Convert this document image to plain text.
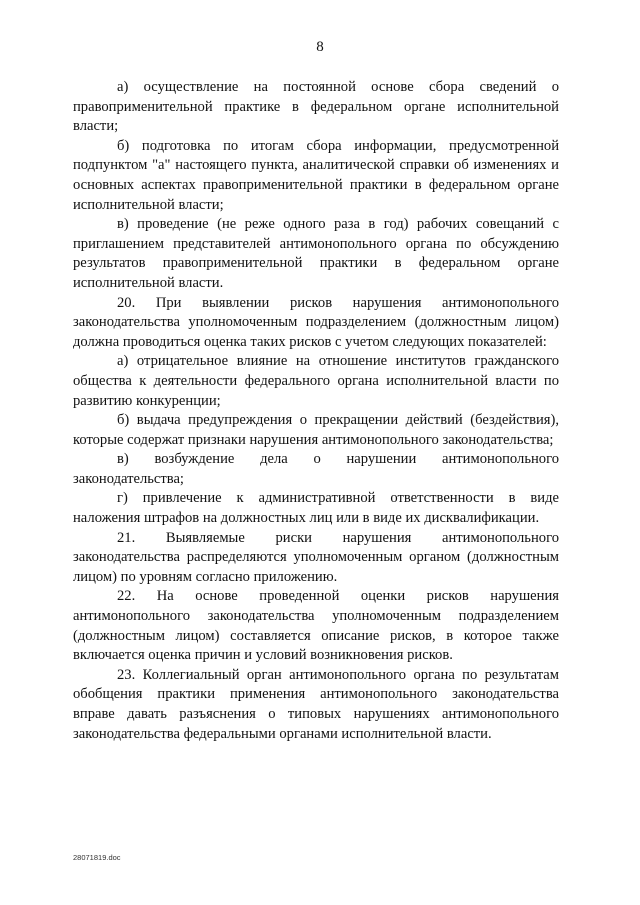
8

а) осуществление на постоянной основе сбора сведений о правоприменительной практике в федеральном органе исполнительной власти;

б) подготовка по итогам сбора информации, предусмотренной подпунктом "а" настоящего пункта, аналитической справки об изменениях и основных аспектах правоприменительной практики в федеральном органе исполнительной власти;

в) проведение (не реже одного раза в год) рабочих совещаний с приглашением представителей антимонопольного органа по обсуждению результатов правоприменительной практики в федеральном органе исполнительной власти.

20. При выявлении рисков нарушения антимонопольного законодательства уполномоченным подразделением (должностным лицом) должна проводиться оценка таких рисков с учетом следующих показателей:

а) отрицательное влияние на отношение институтов гражданского общества к деятельности федерального органа исполнительной власти по развитию конкуренции;

б) выдача предупреждения о прекращении действий (бездействия), которые содержат признаки нарушения антимонопольного законодательства;

в) возбуждение дела о нарушении антимонопольного законодательства;

г) привлечение к административной ответственности в виде наложения штрафов на должностных лиц или в виде их дисквалификации.

21. Выявляемые риски нарушения антимонопольного законодательства распределяются уполномоченным органом (должностным лицом) по уровням согласно приложению.

22. На основе проведенной оценки рисков нарушения антимонопольного законодательства уполномоченным подразделением (должностным лицом) составляется описание рисков, в которое также включается оценка причин и условий возникновения рисков.

23. Коллегиальный орган антимонопольного органа по результатам обобщения практики применения антимонопольного законодательства вправе давать разъяснения о типовых нарушениях антимонопольного законодательства федеральными органами исполнительной власти.

28071819.doc
